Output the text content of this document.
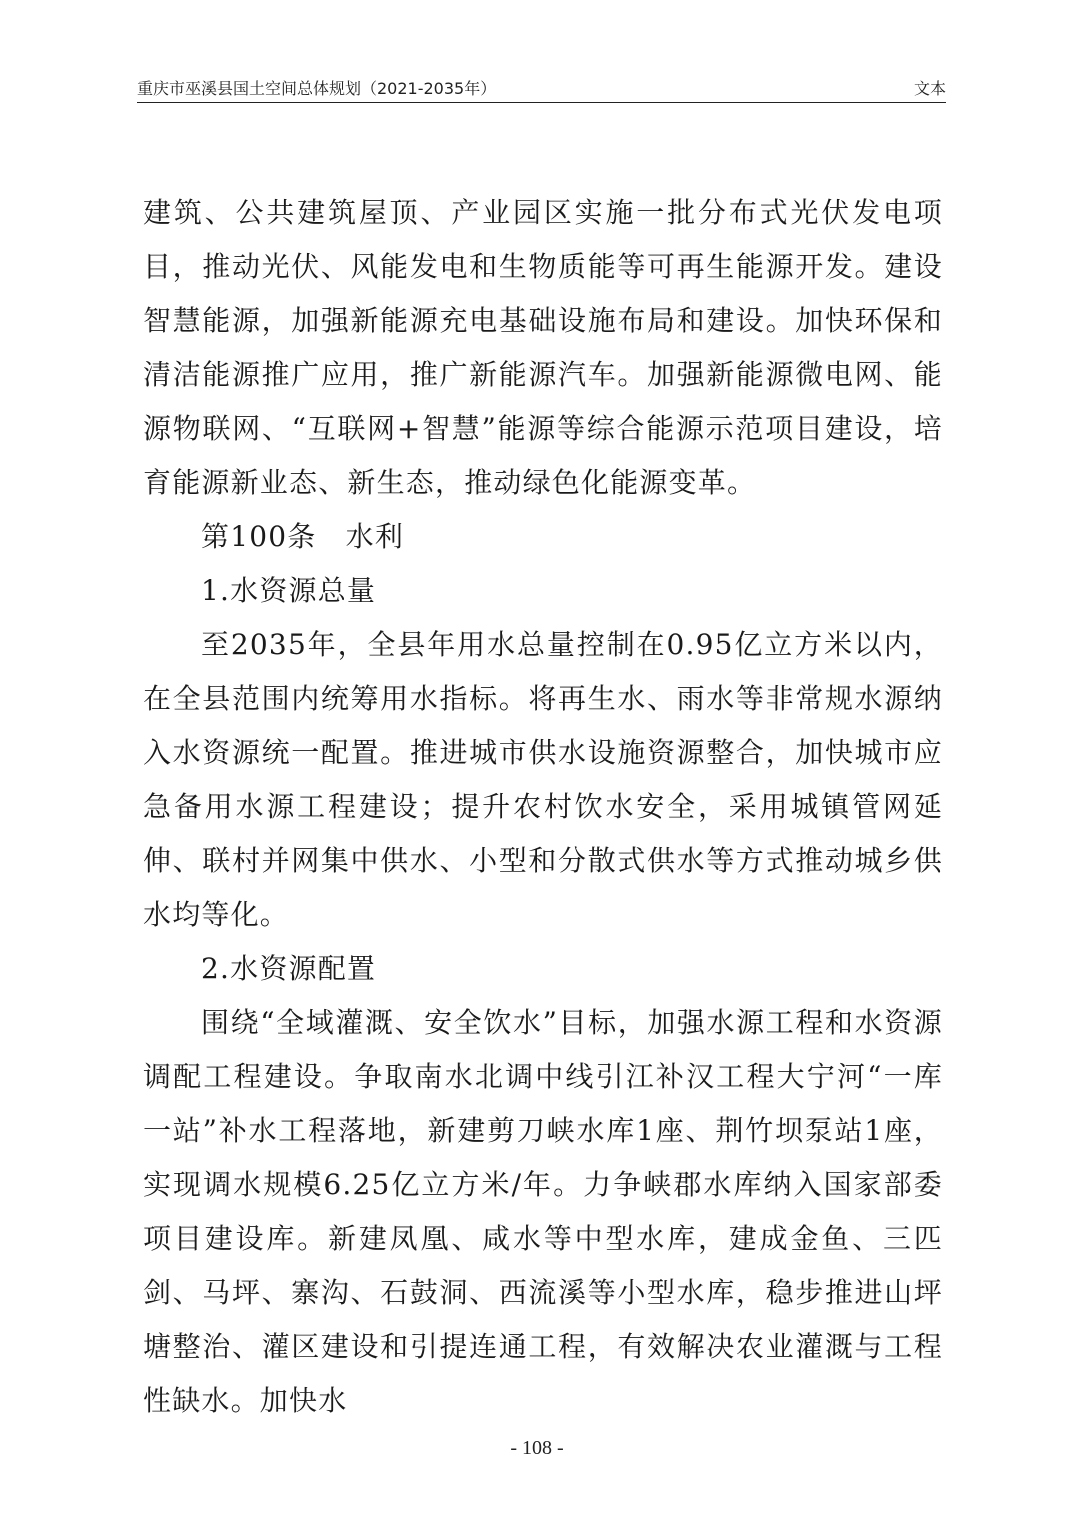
重庆市巫溪县国土空间总体规划（2021-2035年）	文本

建筑、公共建筑屋顶、产业园区实施一批分布式光伏发电项目，推动光伏、风能发电和生物质能等可再生能源开发。建设智慧能源，加强新能源充电基础设施布局和建设。加快环保和清洁能源推广应用，推广新能源汽车。加强新能源微电网、能源物联网、“互联网+智慧”能源等综合能源示范项目建设，培育能源新业态、新生态，推动绿色化能源变革。

第100条　水利

1.水资源总量

至2035年，全县年用水总量控制在0.95亿立方米以内，在全县范围内统筹用水指标。将再生水、雨水等非常规水源纳入水资源统一配置。推进城市供水设施资源整合，加快城市应急备用水源工程建设；提升农村饮水安全，采用城镇管网延伸、联村并网集中供水、小型和分散式供水等方式推动城乡供水均等化。

2.水资源配置

围绕“全域灌溉、安全饮水”目标，加强水源工程和水资源调配工程建设。争取南水北调中线引江补汉工程大宁河“一库一站”补水工程落地，新建剪刀峡水库1座、荆竹坝泵站1座，实现调水规模6.25亿立方米/年。力争峡郡水库纳入国家部委项目建设库。新建凤凰、咸水等中型水库，建成金鱼、三匹剑、马坪、寨沟、石鼓洞、西流溪等小型水库，稳步推进山坪塘整治、灌区建设和引提连通工程，有效解决农业灌溉与工程性缺水。加快水

- 108 -
